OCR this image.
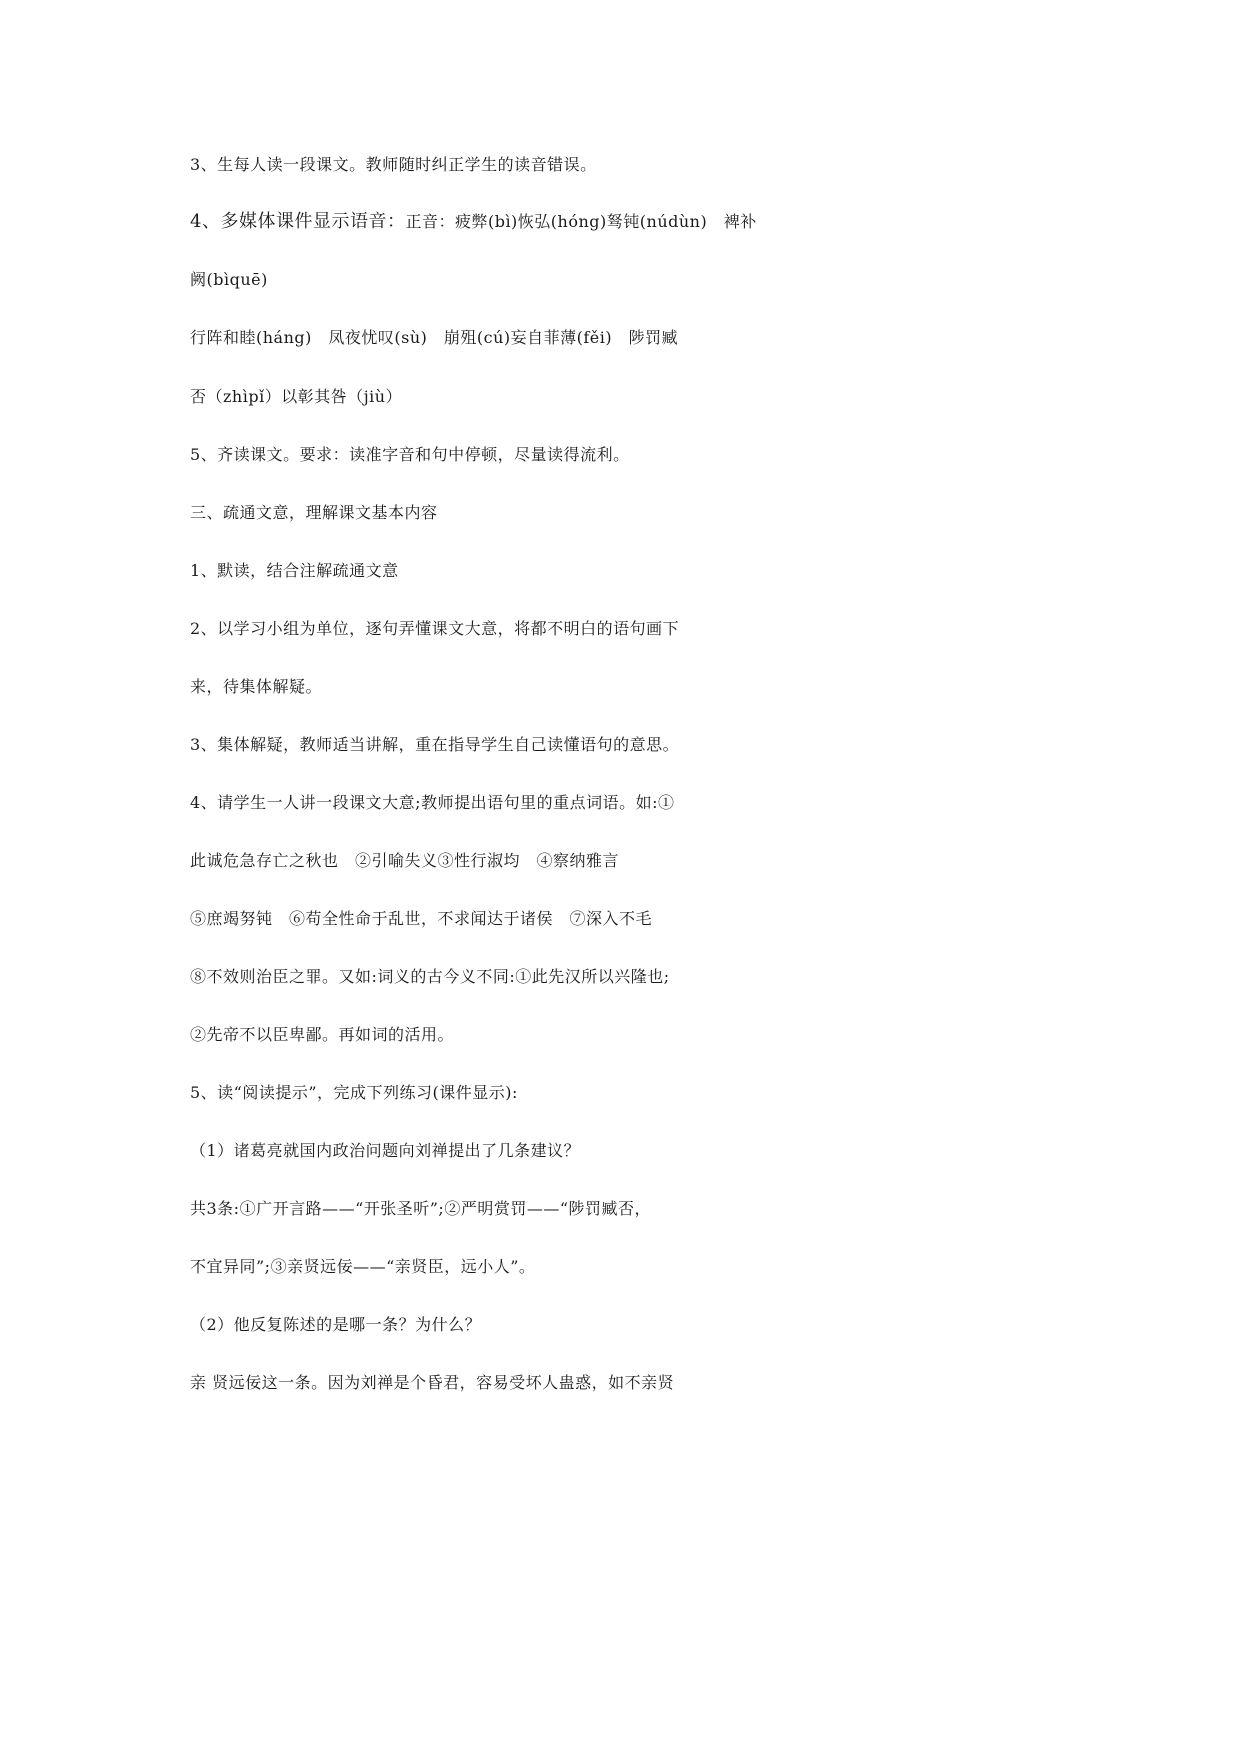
3、生每人读一段课文。教师随时纠正学生的读音错误。
4、多媒体课件显示语音：正音：疲弊(bì)恢弘(hóng)驽钝(núdùn)　裨补
阙(bìquē)
行阵和睦(háng)　凤夜忧叹(sù)　崩殂(cú)妄自菲薄(fěi)　陟罚臧
否（zhìpǐ）以彰其咎（jiù）
5、齐读课文。要求：读准字音和句中停顿，尽量读得流利。
三、疏通文意，理解课文基本内容
1、默读，结合注解疏通文意
2、以学习小组为单位，逐句弄懂课文大意，将都不明白的语句画下
来，待集体解疑。
3、集体解疑，教师适当讲解，重在指导学生自己读懂语句的意思。
4、请学生一人讲一段课文大意;教师提出语句里的重点词语。如:①
此诚危急存亡之秋也　②引喻失义③性行淑均　④察纳雅言
⑤庶竭努钝　⑥苟全性命于乱世，不求闻达于诸侯　⑦深入不毛
⑧不效则治臣之罪。又如:词义的古今义不同:①此先汉所以兴隆也;
②先帝不以臣卑鄙。再如词的活用。
5、读“阅读提示”，完成下列练习(课件显示):
（1）诸葛亮就国内政治问题向刘禅提出了几条建议？
共3条:①广开言路——“开张圣听”;②严明赏罚——“陟罚臧否，
不宜异同”;③亲贤远佞——“亲贤臣，远小人”。
（2）他反复陈述的是哪一条？为什么？
亲 贤远佞这一条。因为刘禅是个昏君，容易受坏人蛊惑，如不亲贤
